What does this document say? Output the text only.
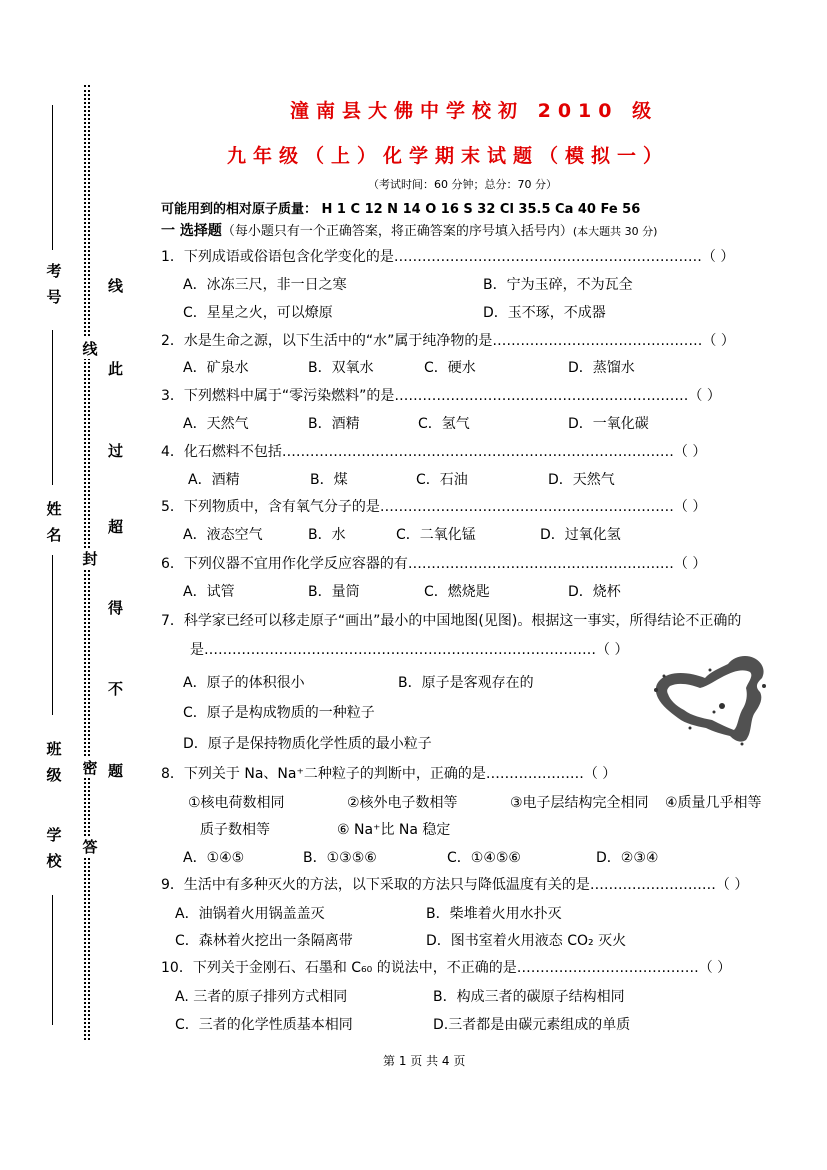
考号
姓名
班级
学校
线
封
密
答
线
此
过
超
得
不
题
潼南县大佛中学校初 2010 级
九年级（上）化学期末试题（模拟一）
（考试时间：60 分钟；总分：70 分）
可能用到的相对原子质量： H 1 C 12 N 14 O 16 S 32 Cl 35.5 Ca 40 Fe 56
一 选择题（每小题只有一个正确答案，将正确答案的序号填入括号内）(本大题共 30 分)
1．下列成语或俗语包含化学变化的是…………………………………………………………（ ）
A．冰冻三尺，非一日之寒	B．宁为玉碎，不为瓦全
C．星星之火，可以燎原	D．玉不琢，不成器
2．水是生命之源，以下生活中的“水”属于纯净物的是………………………………………（ ）
A．矿泉水	B．双氧水	C．硬水	D．蒸馏水
3．下列燃料中属于“零污染燃料”的是………………………………………………………（ ）
A．天然气	B．酒精	C．氢气	D．一氧化碳
4．化石燃料不包括…………………………………………………………………………（ ）
A．酒精	B．煤	C．石油	D．天然气
5．下列物质中，含有氧气分子的是………………………………………………………（ ）
A．液态空气	B．水	C．二氧化锰	D．过氧化氢
6．下列仪器不宜用作化学反应容器的有…………………………………………………（ ）
A．试管	B．量筒	C．燃烧匙	D．烧杯
7．科学家已经可以移走原子“画出”最小的中国地图(见图)。根据这一事实，所得结论不正确的
是…………………………………………………………………………（ ）
A．原子的体积很小	B．原子是客观存在的
C．原子是构成物质的一种粒子
D．原子是保持物质化学性质的最小粒子
8．下列关于 Na、Na⁺二种粒子的判断中，正确的是…………………（ ）
①核电荷数相同	②核外电子数相等	③电子层结构完全相同 ④质量几乎相等
质子数相等	⑥ Na⁺比 Na 稳定
A．①④⑤	B．①③⑤⑥	C．①④⑤⑥	D．②③④
9．生活中有多种灭火的方法，以下采取的方法只与降低温度有关的是………………………（ ）
A．油锅着火用锅盖盖灭	B．柴堆着火用水扑灭
C．森林着火挖出一条隔离带	D．图书室着火用液态 CO₂ 灭火
10．下列关于金刚石、石墨和 C₆₀ 的说法中，不正确的是…………………………………（ ）
A. 三者的原子排列方式相同	B．构成三者的碳原子结构相同
C．三者的化学性质基本相同	D.三者都是由碳元素组成的单质
第 1 页 共 4 页
